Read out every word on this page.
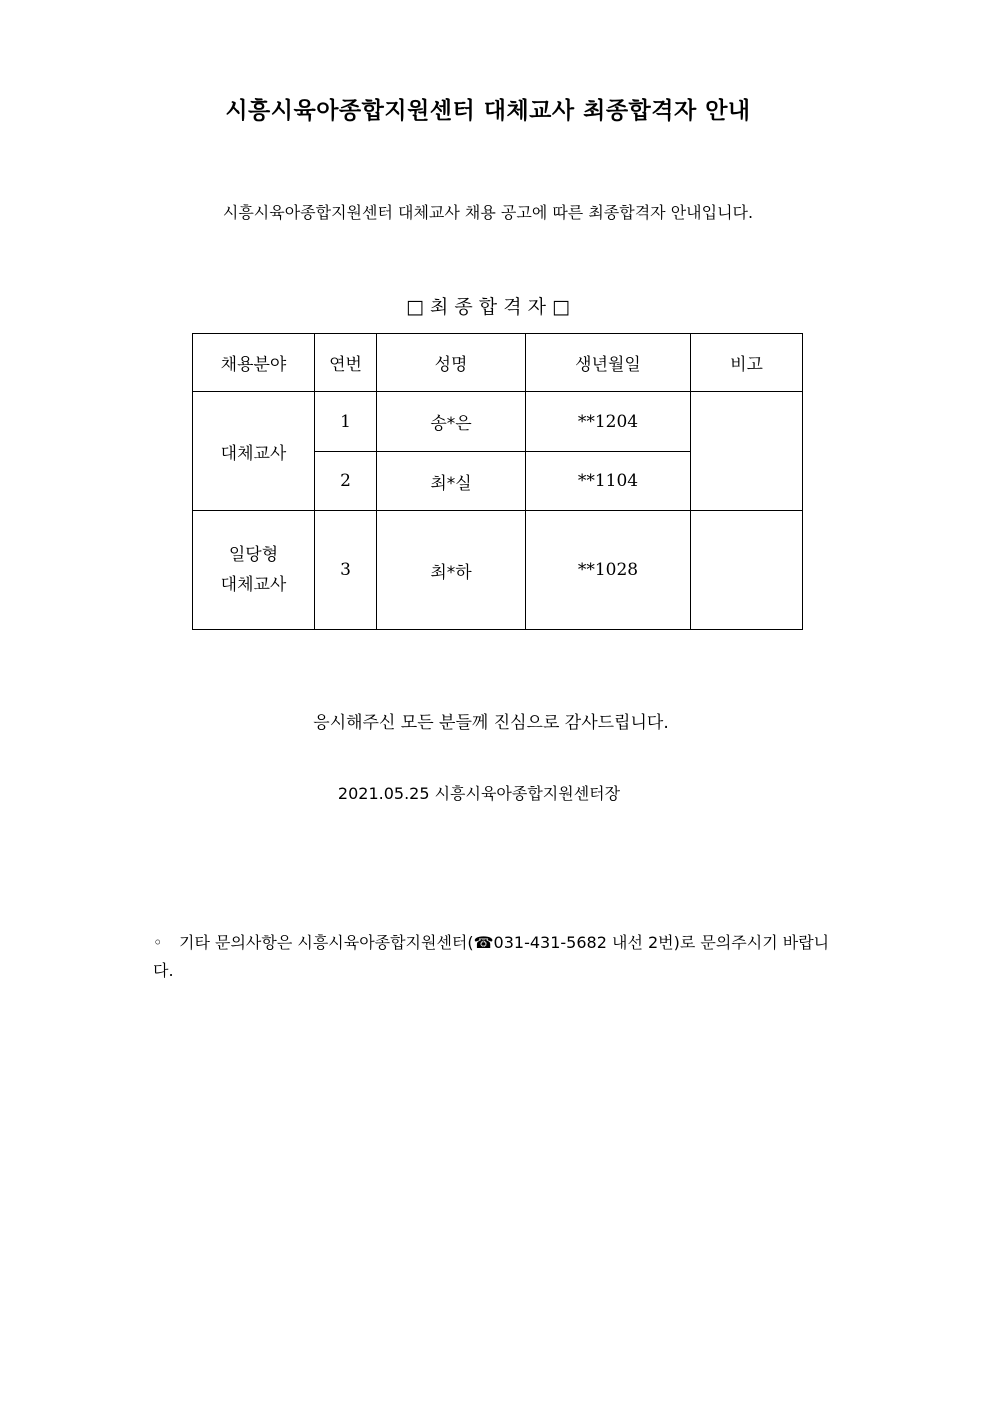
시흥시육아종합지원센터 대체교사 최종합격자 안내
시흥시육아종합지원센터 대체교사 채용 공고에 따른 최종합격자 안내입니다.
□ 최 종 합 격 자 □
채용분야	연번	성명	생년월일	비고
대체교사	1	송*은	**1204	
	2	최*실	**1104	

일당형
대체교사	3	최*하	**1028	
응시해주신 모든 분들께 진심으로 감사드립니다.
2021.05.25 시흥시육아종합지원센터장
◦ 기타 문의사항은 시흥시육아종합지원센터(☎031-431-5682 내선 2번)로 문의주시기 바랍니다.
